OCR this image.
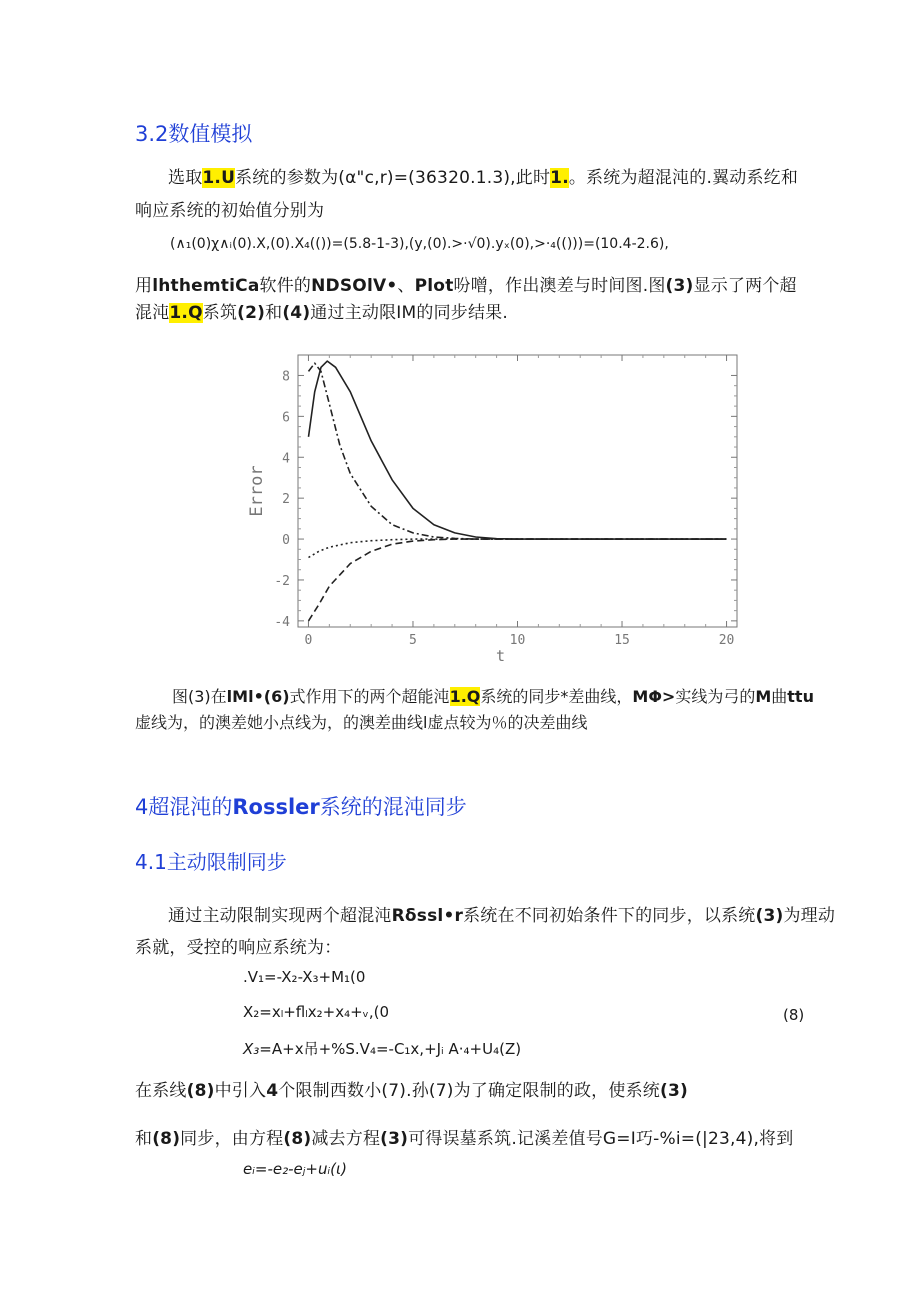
3.2数值模拟
选取1.U系统的参数为(α"c,r)=(36320.1.3),此时1.。系统为超混沌的.翼动系纥和
响应系统的初始值分别为
(∧₁(0)χ∧ᵢ(0).X,(0).X₄(())=(5.8-1-3),(y,(0).>·√0).yₓ(0),>·₄(()))=(10.4-2.6),
用lhthemtiCa软件的NDSOlV•、Plot吩噌，作出澳差与时间图.图(3)显示了两个超
混沌1.Q系筑(2)和(4)通过主动限IM的同步结果.
0	5	10	15	20
-4
-2
0
2
4
6
8
t
Error
图(3)在lMl•(6)式作用下的两个超能沌1.Q系统的同步*差曲线，MΦ>实线为弓的M曲ttu
虚线为，的澳差她小点线为，的澳差曲线l虚点较为％的决差曲线
4超混沌的Rossler系统的混沌同步
4.1主动限制同步
通过主动限制实现两个超混沌Rδssl•r系统在不同初始条件下的同步，以系统(3)为理动
系就，受控的响应系统为：
.V₁=-X₂-X₃+M₁(0
X₂=xₗ+flₗx₂+x₄+ᵥ,(0	(8)
X₃=A+x吊+%S.V₄=-C₁x,+Jᵢ A·₄+U₄(Z)
在系线(8)中引入4个限制西数小(7).孙(7)为了确定限制的政，使系统(3)
和(8)同步，由方程(8)减去方程(3)可得误墓系筑.记溪差值号G=I巧-%i=(|23,4),将到
eᵢ=-e₂-eⱼ+uᵢ(ι)
